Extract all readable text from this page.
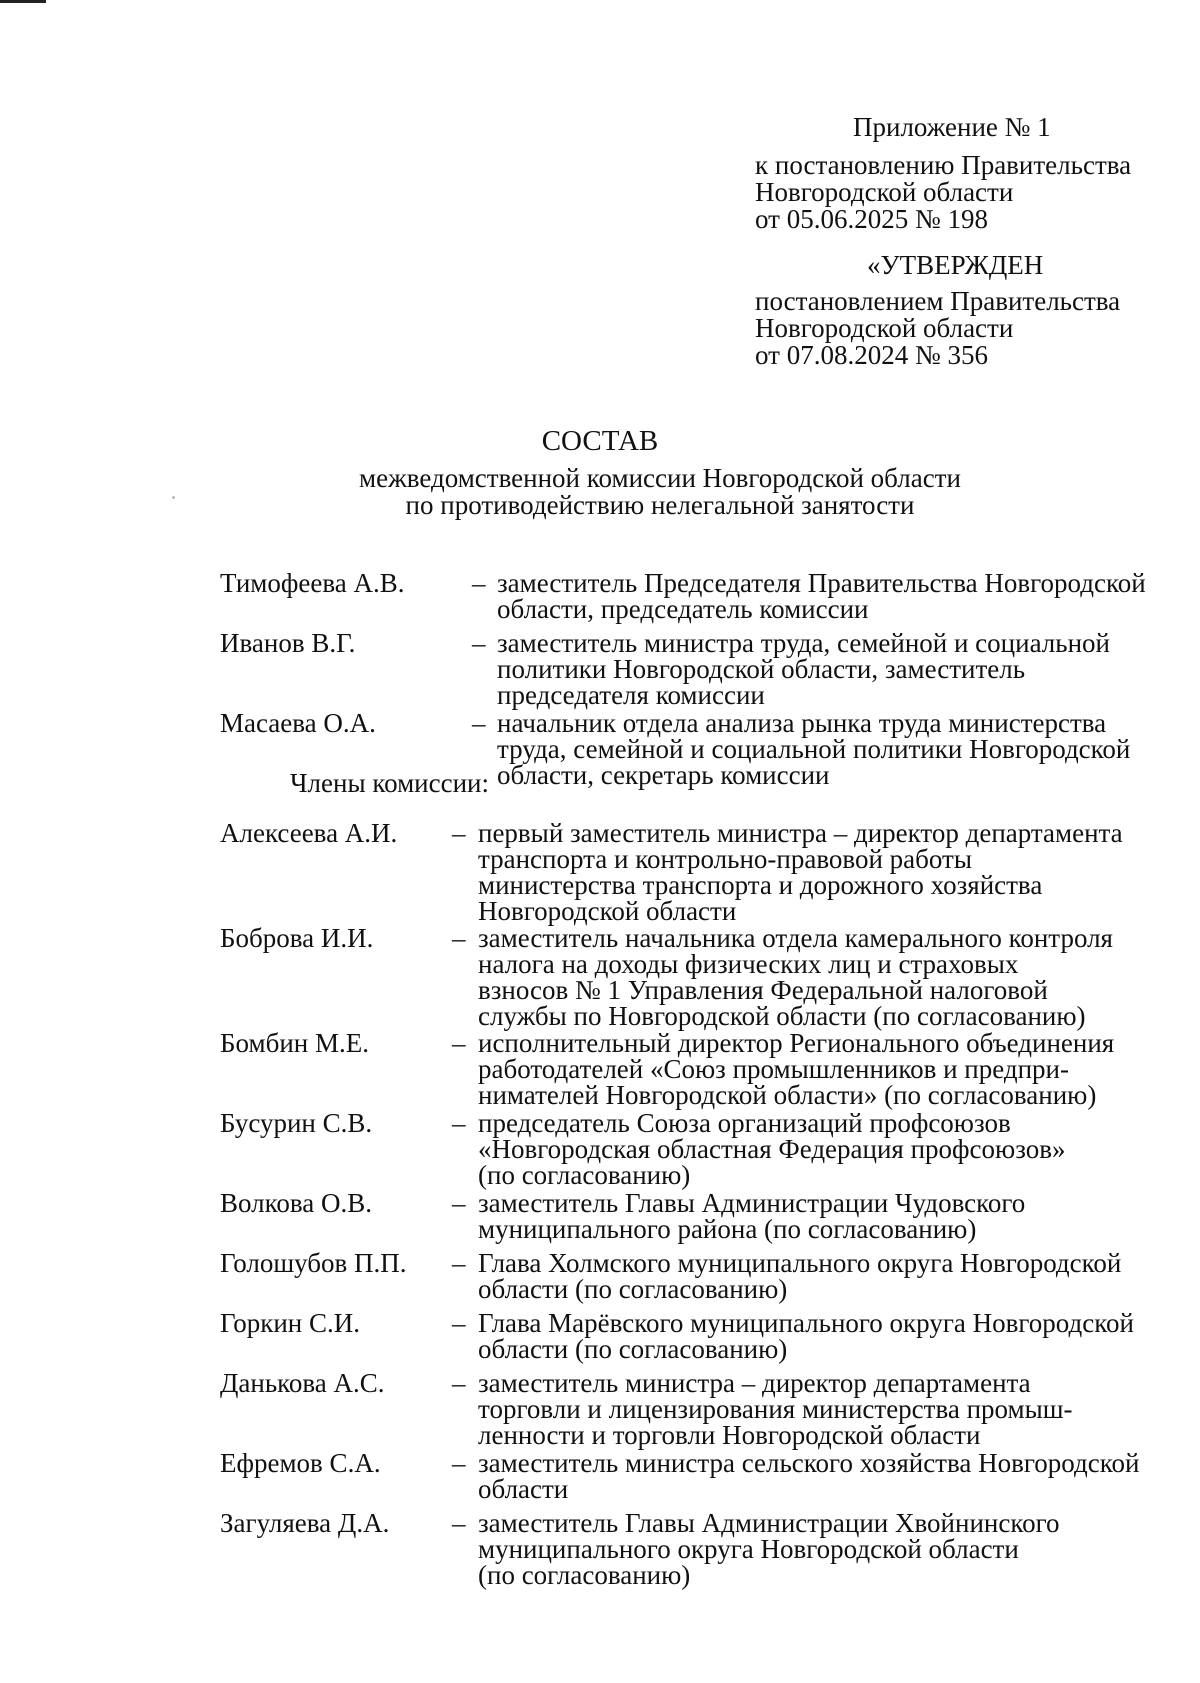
Приложение № 1
к постановлению Правительства
Новгородской области
от 05.06.2025 № 198
«УТВЕРЖДЕН
постановлением Правительства
Новгородской области
от 07.08.2024 № 356
СОСТАВ
межведомственной комиссии Новгородской области
по противодействию нелегальной занятости
Члены комиссии:
Тимофеева А.В.	– заместитель Председателя Правительства Новгородской
области, председатель комиссии
Иванов В.Г.	– заместитель министра труда, семейной и социальной
политики Новгородской области, заместитель
председателя комиссии
Масаева О.А.	– начальник отдела анализа рынка труда министерства
труда, семейной и социальной политики Новгородской
области, секретарь комиссии
Алексеева А.И. – первый заместитель министра – директор департамента
транспорта и контрольно-правовой работы
министерства транспорта и дорожного хозяйства
Новгородской области
Боброва И.И.	– заместитель начальника отдела камерального контроля
налога на доходы физических лиц и страховых
взносов № 1 Управления Федеральной налоговой
службы по Новгородской области (по согласованию)
Бомбин М.Е.	– исполнительный директор Регионального объединения
работодателей «Союз промышленников и предпри-
нимателей Новгородской области» (по согласованию)
Бусурин С.В.	– председатель Союза организаций профсоюзов
«Новгородская областная Федерация профсоюзов»
(по согласованию)
Волкова О.В.	– заместитель Главы Администрации Чудовского
муниципального района (по согласованию)
Голошубов П.П. – Глава Холмского муниципального округа Новгородской
области (по согласованию)
Горкин С.И.	– Глава Марёвского муниципального округа Новгородской
области (по согласованию)
Данькова А.С. – заместитель министра – директор департамента
торговли и лицензирования министерства промыш-
ленности и торговли Новгородской области
Ефремов С.А.	– заместитель министра сельского хозяйства Новгородской
области
Загуляева Д.А. – заместитель Главы Администрации Хвойнинского
муниципального округа Новгородской области
(по согласованию)
